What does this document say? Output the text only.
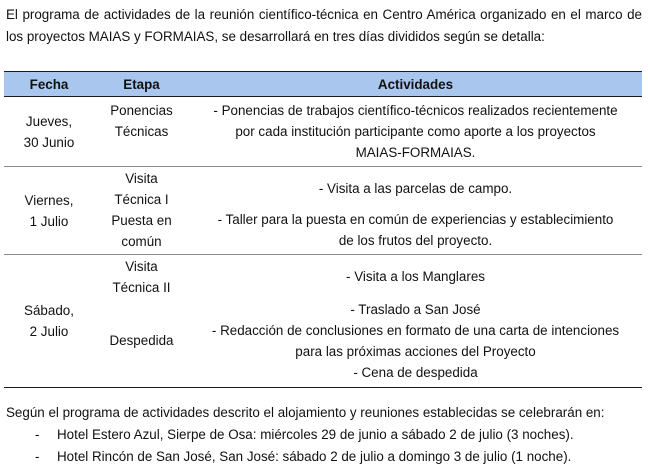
El programa de actividades de la reunión científico-técnica en Centro América organizado en el marco de los proyectos MAIAS y FORMAIAS, se desarrollará en tres días divididos según se detalla:

Fecha	Etapa	Actividades
Jueves,
30 Junio
Ponencias
Técnicas
- Ponencias de trabajos científico-técnicos realizados recientemente
por cada institución participante como aporte a los proyectos
MAIAS-FORMAIAS.
Viernes,
1 Julio
Visita
Técnica I
Puesta en
común
- Visita a las parcelas de campo.
- Taller para la puesta en común de experiencias y establecimiento
de los frutos del proyecto.
Sábado,
2 Julio
Visita
Técnica II
Despedida
- Visita a los Manglares
- Traslado a San José
- Redacción de conclusiones en formato de una carta de intenciones
para las próximas acciones del Proyecto
- Cena de despedida
Según el programa de actividades descrito el alojamiento y reuniones establecidas se celebrarán en:
- Hotel Estero Azul, Sierpe de Osa: miércoles 29 de junio a sábado 2 de julio (3 noches).
- Hotel Rincón de San José, San José: sábado 2 de julio a domingo 3 de julio (1 noche).
